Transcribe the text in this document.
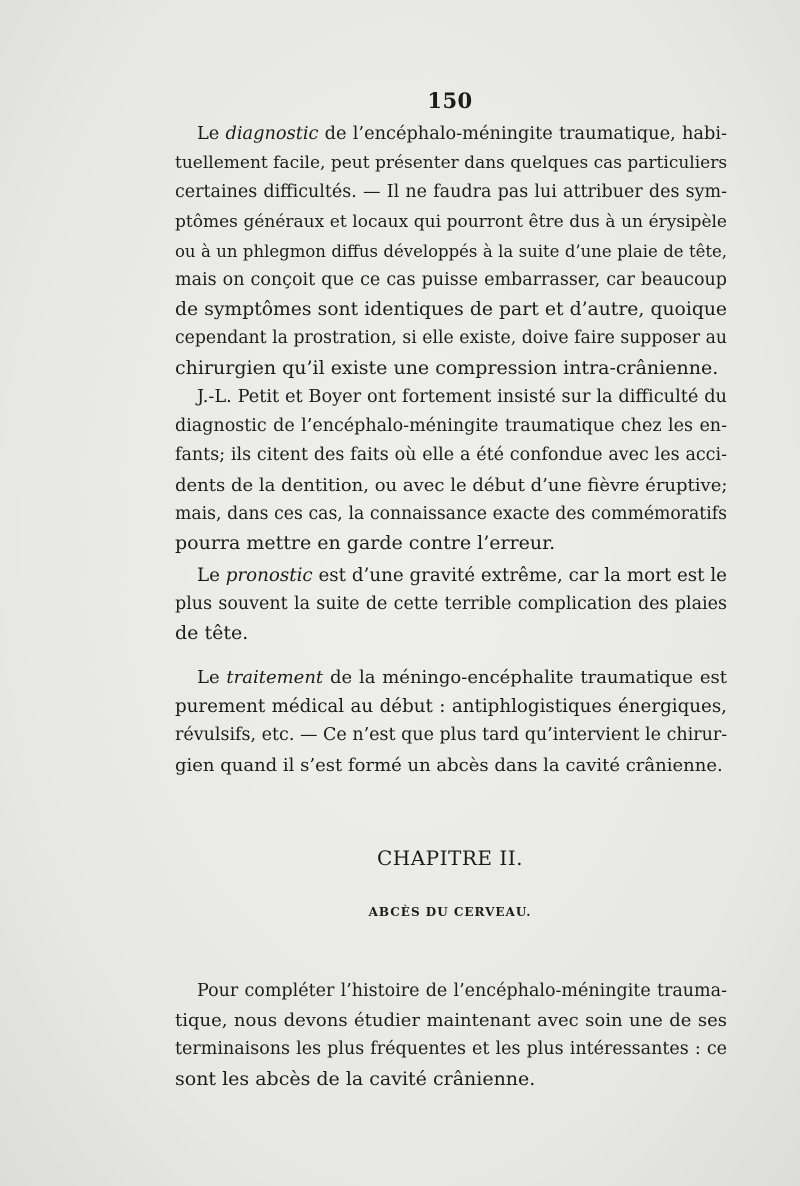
150
Le diagnostic de l’encéphalo-méningite traumatique, habi-
tuellement facile, peut présenter dans quelques cas particuliers
certaines difficultés. — Il ne faudra pas lui attribuer des sym-
ptômes généraux et locaux qui pourront être dus à un érysipèle
ou à un phlegmon diffus développés à la suite d’une plaie de tête,
mais on conçoit que ce cas puisse embarrasser, car beaucoup
de symptômes sont identiques de part et d’autre, quoique
cependant la prostration, si elle existe, doive faire supposer au
chirurgien qu’il existe une compression intra-crânienne.
J.-L. Petit et Boyer ont fortement insisté sur la difficulté du
diagnostic de l’encéphalo-méningite traumatique chez les en-
fants; ils citent des faits où elle a été confondue avec les acci-
dents de la dentition, ou avec le début d’une fièvre éruptive;
mais, dans ces cas, la connaissance exacte des commémoratifs
pourra mettre en garde contre l’erreur.
Le pronostic est d’une gravité extrême, car la mort est le
plus souvent la suite de cette terrible complication des plaies
de tête.
Le traitement de la méningo-encéphalite traumatique est
purement médical au début : antiphlogistiques énergiques,
révulsifs, etc. — Ce n’est que plus tard qu’intervient le chirur-
gien quand il s’est formé un abcès dans la cavité crânienne.
CHAPITRE II.
ABCÈS DU CERVEAU.
Pour compléter l’histoire de l’encéphalo-méningite trauma-
tique, nous devons étudier maintenant avec soin une de ses
terminaisons les plus fréquentes et les plus intéressantes : ce
sont les abcès de la cavité crânienne.
